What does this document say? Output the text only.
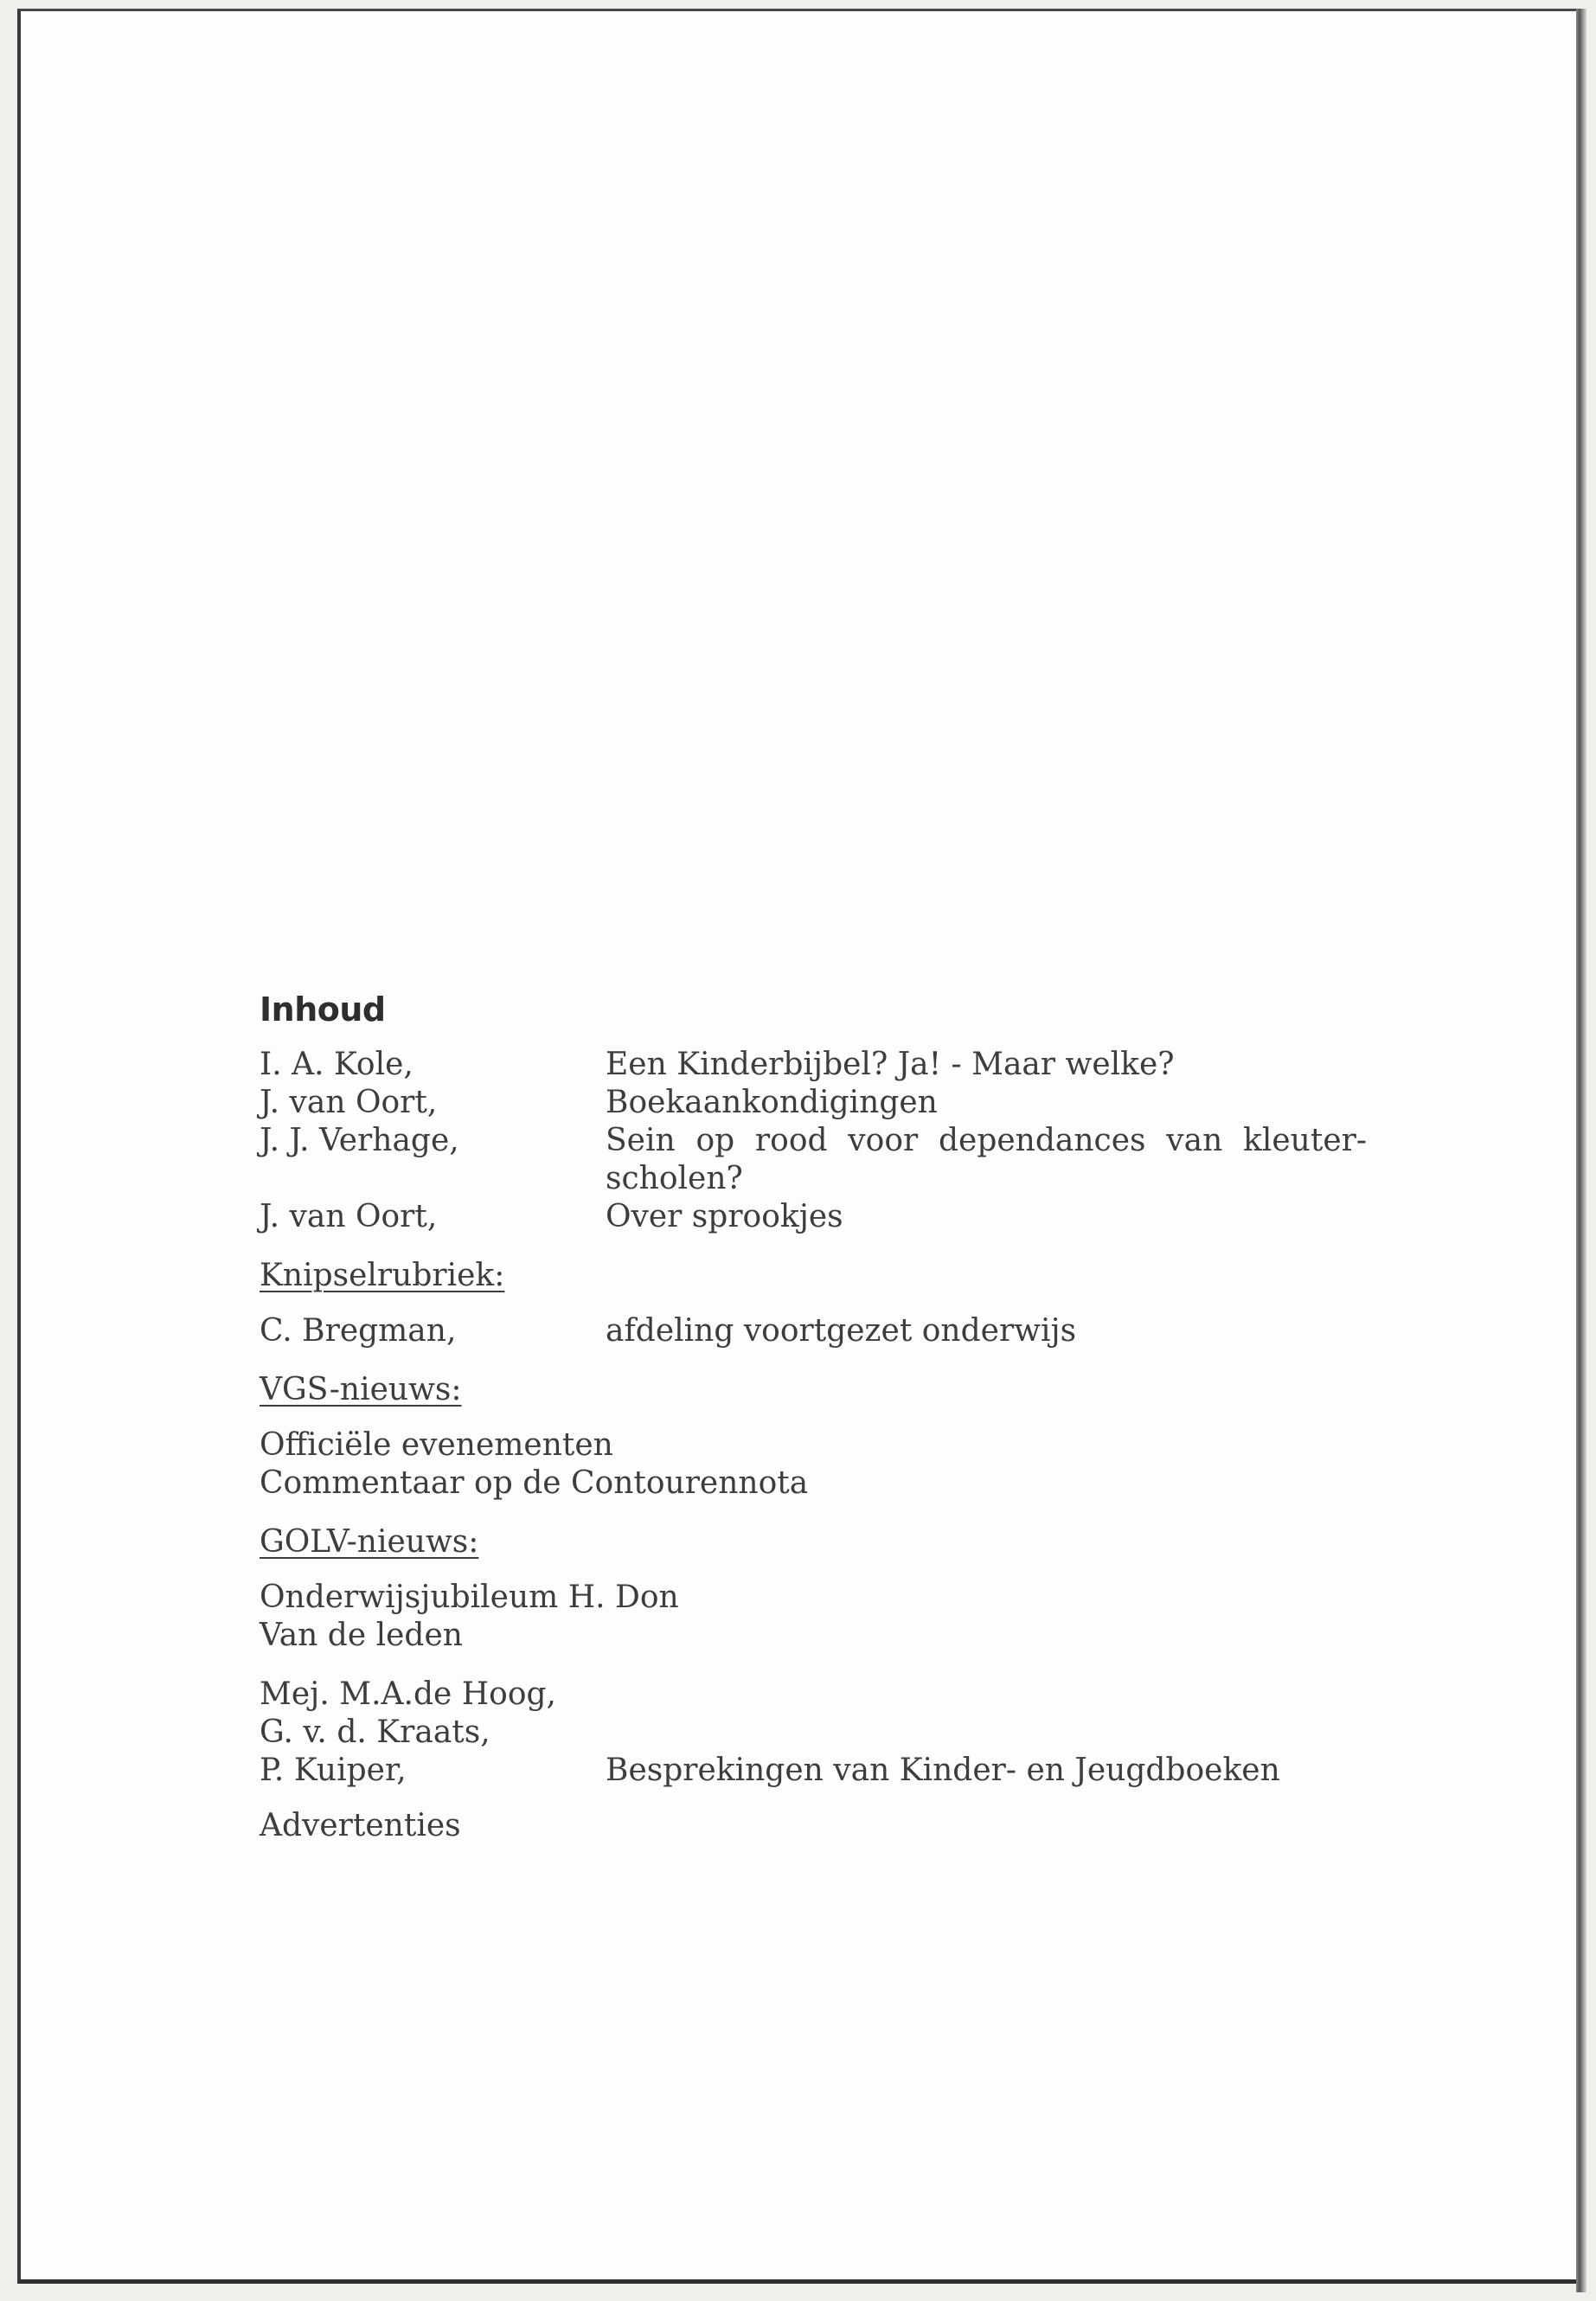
Inhoud
I. A. Kole,	Een Kinderbijbel? Ja! - Maar welke?
J. van Oort,	Boekaankondigingen
J. J. Verhage,	Sein op rood voor dependances van kleuter-
scholen?
J. van Oort,	Over sprookjes
Knipselrubriek:
C. Bregman,	afdeling voortgezet onderwijs
VGS-nieuws:
Officiële evenementen
Commentaar op de Contourennota
GOLV-nieuws:
Onderwijsjubileum H. Don
Van de leden
Mej. M.A.de Hoog,
G. v. d. Kraats,
P. Kuiper,	Besprekingen van Kinder- en Jeugdboeken
Advertenties
